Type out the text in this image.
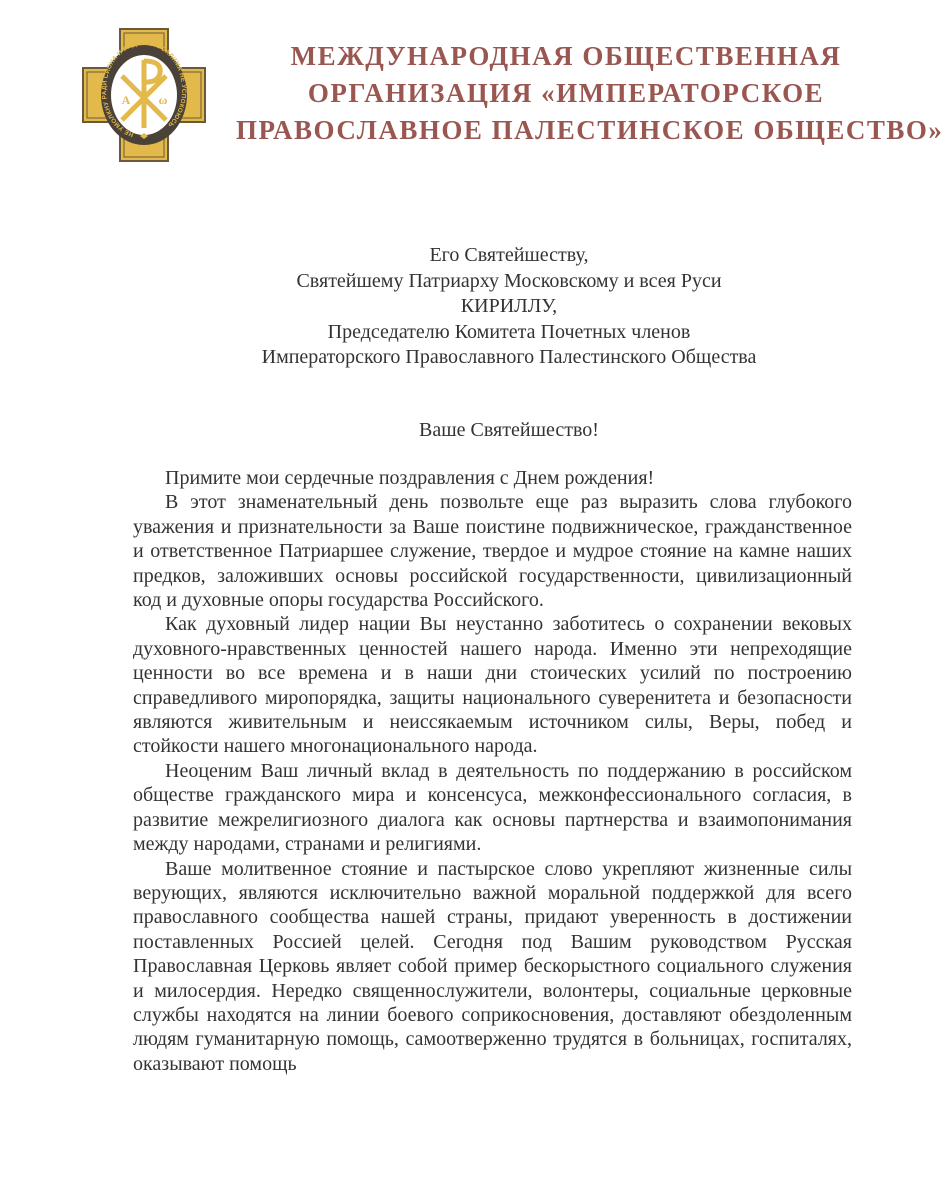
НЕ УМОЛКНУ РАДИ СИОНА И РАДИ ИЕРУСАЛИМА НЕ УСПОКОЮСЬ
А ω
МЕЖДУНАРОДНАЯ ОБЩЕСТВЕННАЯ
ОРГАНИЗАЦИЯ «ИМПЕРАТОРСКОЕ
ПРАВОСЛАВНОЕ ПАЛЕСТИНСКОЕ ОБЩЕСТВО»
Его Святейшеству,
Святейшему Патриарху Московскому и всея Руси
КИРИЛЛУ,
Председателю Комитета Почетных членов
Императорского Православного Палестинского Общества
Ваше Святейшество!

Примите мои сердечные поздравления с Днем рождения!

В этот знаменательный день позвольте еще раз выразить слова глубокого уважения и признательности за Ваше поистине подвижническое, гражданственное и ответственное Патриаршее служение, твердое и мудрое стояние на камне наших предков, заложивших основы российской государственности, цивилизационный код и духовные опоры государства Российского.

Как духовный лидер нации Вы неустанно заботитесь о сохранении вековых духовного-нравственных ценностей нашего народа. Именно эти непреходящие ценности во все времена и в наши дни стоических усилий по построению справедливого миропорядка, защиты национального суверенитета и безопасности являются живительным и неиссякаемым источником силы, Веры, побед и стойкости нашего многонационального народа.

Неоценим Ваш личный вклад в деятельность по поддержанию в российском обществе гражданского мира и консенсуса, межконфессионального согласия, в развитие межрелигиозного диалога как основы партнерства и взаимопонимания между народами, странами и религиями.

Ваше молитвенное стояние и пастырское слово укрепляют жизненные силы верующих, являются исключительно важной моральной поддержкой для всего православного сообщества нашей страны, придают уверенность в достижении поставленных Россией целей. Сегодня под Вашим руководством Русская Православная Церковь являет собой пример бескорыстного социального служения и милосердия. Нередко священнослужители, волонтеры, социальные церковные службы находятся на линии боевого соприкосновения, доставляют обездоленным людям гуманитарную помощь, самоотверженно трудятся в больницах, госпиталях, оказывают помощь
